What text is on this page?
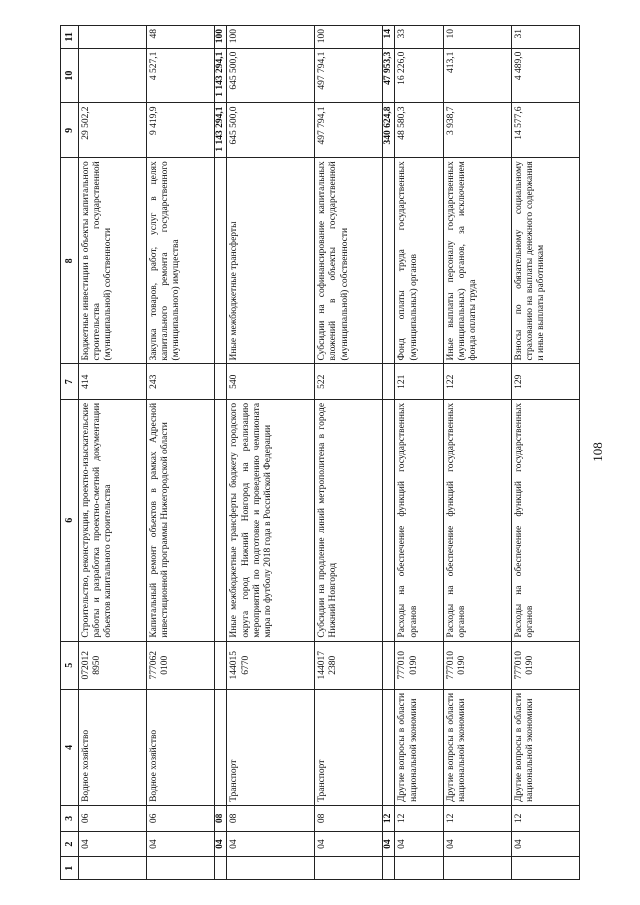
108
1	2	3	4	5	6	7	8	9	10	11
	04	06	Водное хозяйство	072012 8950	Строительство, реконструкция, проектно-изыскательские работы и разработка проектно-сметной документации объектов капитального строительства	414	Бюджетные инвестиции в объекты капитального строительства государственной (муниципальной) собственности	29 502,2		
	04	06	Водное хозяйство	777062 0100	Капитальный ремонт объектов в рамках Адресной инвестиционной программы Нижегородской области	243	Закупка товаров, работ, услуг в целях капитального ремонта государственного (муниципального) имущества	9 419,9	4 527,1	48
	04	08						1 143 294,1	1 143 294,1	100
	04	08	Транспорт	144015 6770	Иные межбюджетные трансферты бюджету городского округа город Нижний Новгород на реализацию мероприятий по подготовке и проведению чемпионата мира по футболу 2018 года в Российской Федерации	540	Иные межбюджетные трансферты	645 500,0	645 500,0	100
	04	08	Транспорт	144017 2380	Субсидии на продление линий метрополитена в городе Нижний Новгород	522	Субсидии на софинансирование капитальных вложений в объекты государственной (муниципальной) собственности	497 794,1	497 794,1	100
	04	12						340 624,8	47 953,3	14
	04	12	Другие вопросы в области национальной экономики	777010 0190	Расходы на обеспечение функций государственных органов	121	Фонд оплаты труда государственных (муниципальных) органов	48 580,3	16 226,0	33
	04	12	Другие вопросы в области национальной экономики	777010 0190	Расходы на обеспечение функций государственных органов	122	Иные выплаты персоналу государственных (муниципальных) органов, за исключением фонда оплаты труда	3 938,7	413,1	10
	04	12	Другие вопросы в области национальной экономики	777010 0190	Расходы на обеспечение функций государственных органов	129	Взносы по обязательному социальному страхованию на выплаты денежного содержания и иные выплаты работникам	14 577,6	4 489,0	31
